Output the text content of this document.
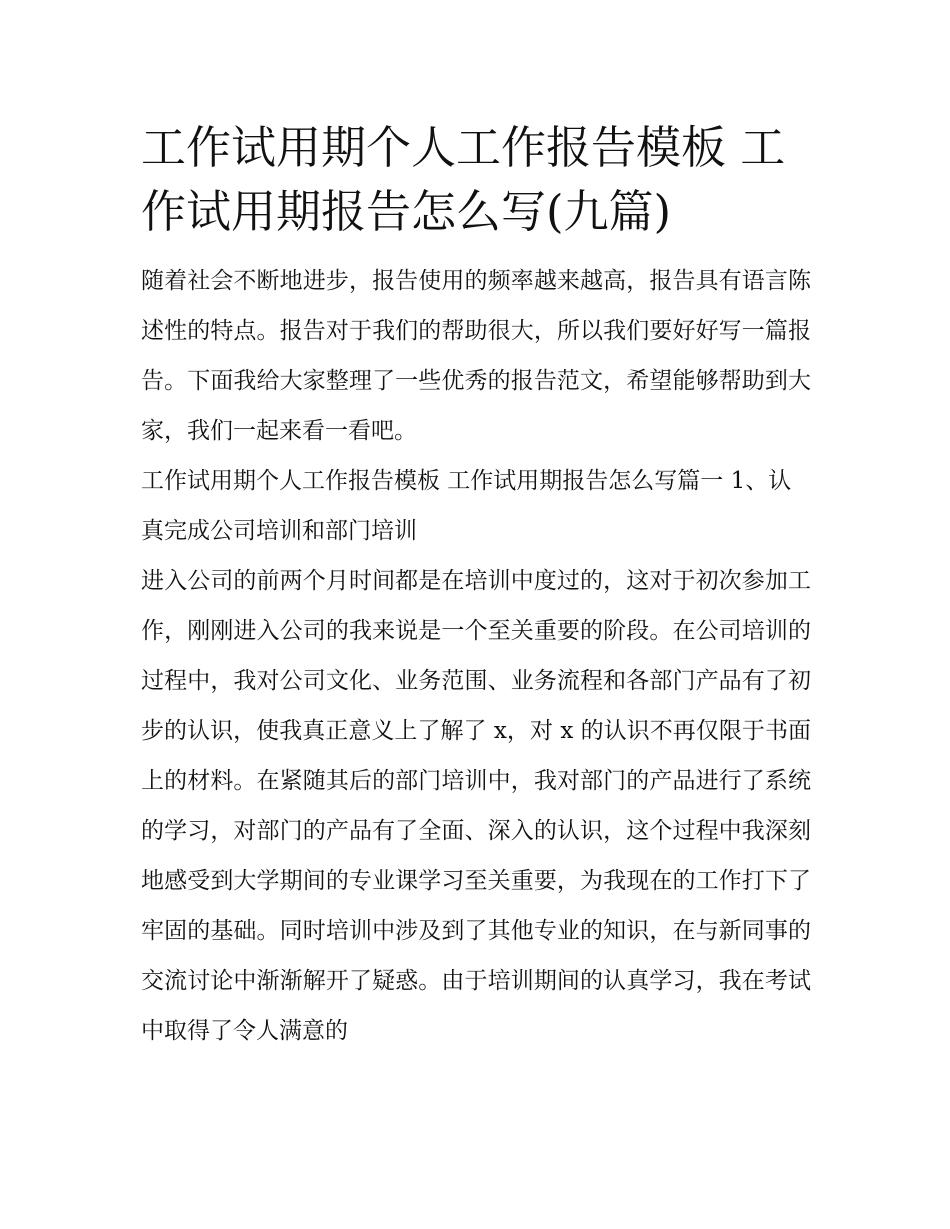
工作试用期个人工作报告模板 工作试用期报告怎么写(九篇)

随着社会不断地进步，报告使用的频率越来越高，报告具有语言陈述性的特点。报告对于我们的帮助很大，所以我们要好好写一篇报告。下面我给大家整理了一些优秀的报告范文，希望能够帮助到大家，我们一起来看一看吧。

工作试用期个人工作报告模板 工作试用期报告怎么写篇一 1、认真完成公司培训和部门培训

进入公司的前两个月时间都是在培训中度过的，这对于初次参加工作，刚刚进入公司的我来说是一个至关重要的阶段。在公司培训的过程中，我对公司文化、业务范围、业务流程和各部门产品有了初步的认识，使我真正意义上了解了 x，对 x 的认识不再仅限于书面上的材料。在紧随其后的部门培训中，我对部门的产品进行了系统的学习，对部门的产品有了全面、深入的认识，这个过程中我深刻地感受到大学期间的专业课学习至关重要，为我现在的工作打下了牢固的基础。同时培训中涉及到了其他专业的知识，在与新同事的交流讨论中渐渐解开了疑惑。由于培训期间的认真学习，我在考试中取得了令人满意的
